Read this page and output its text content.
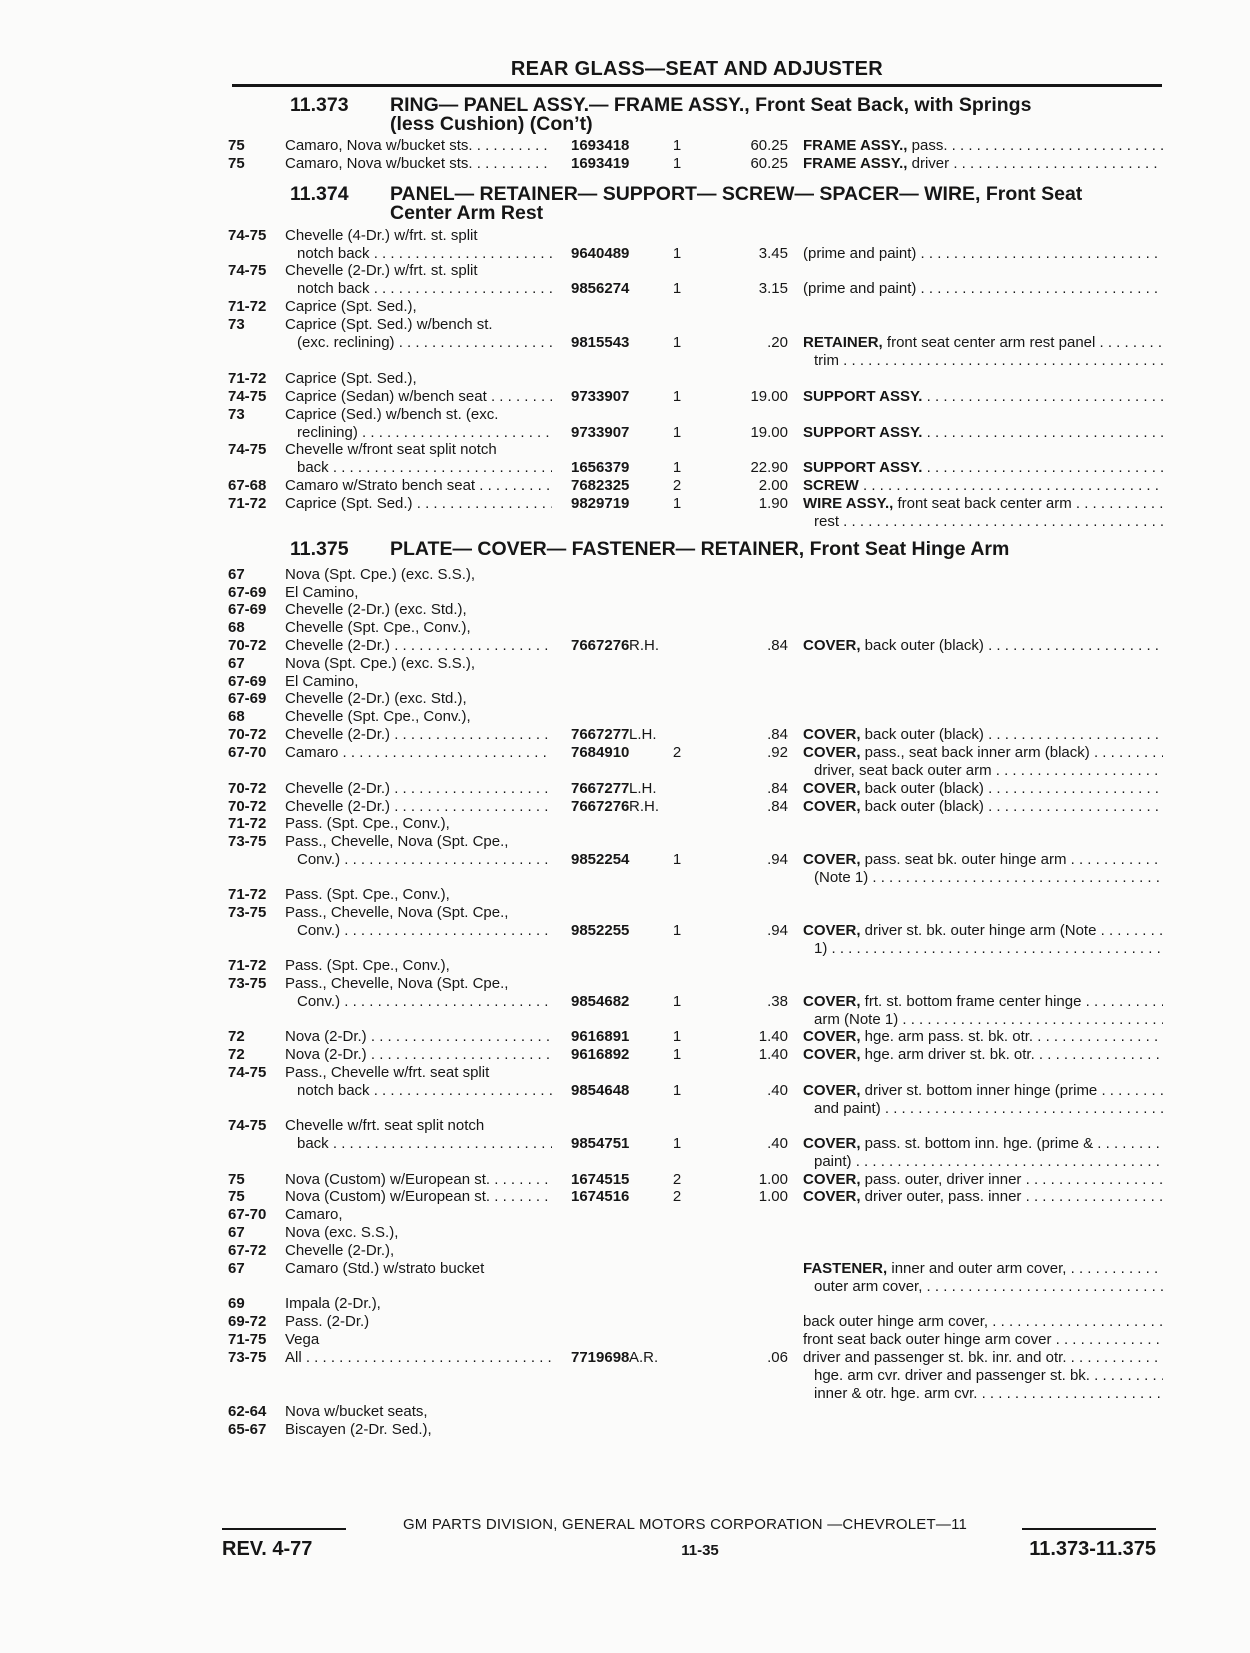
REAR GLASS—SEAT AND ADJUSTER
11.373 RING— PANEL ASSY.— FRAME ASSY., Front Seat Back, with Springs
(less Cushion) (Con’t)
11.374 PANEL— RETAINER— SUPPORT— SCREW— SPACER— WIRE, Front Seat
Center Arm Rest
11.375 PLATE— COVER— FASTENER— RETAINER, Front Seat Hinge Arm
75	Camaro, Nova w/bucket sts. . . .	1693418	1	60.25 FRAME ASSY., pass. . . .
75	Camaro, Nova w/bucket sts. . . .	1693419	1	60.25 FRAME ASSY., driver . . .
74-75 Chevelle (4-Dr.) w/frt. st. split
notch back . . .	9640489	1	3.45 (prime and paint) . . .
74-75 Chevelle (2-Dr.) w/frt. st. split
notch back . . .	9856274	1	3.15 (prime and paint) . . .
71-72 Caprice (Spt. Sed.),
73	Caprice (Spt. Sed.) w/bench st.
(exc. reclining) . . .	9815543	1	.20 RETAINER, front seat center arm rest panel . . .
trim . . .
71-72 Caprice (Spt. Sed.),
74-75 Caprice (Sedan) w/bench seat . . .	9733907	1	19.00 SUPPORT ASSY. . . .
73	Caprice (Sed.) w/bench st. (exc.
reclining) . . .	9733907	1	19.00 SUPPORT ASSY. . . .
74-75 Chevelle w/front seat split notch
back . . .	1656379	1	22.90 SUPPORT ASSY. . . .
67-68 Camaro w/Strato bench seat . . .	7682325	2	2.00 SCREW . . .
71-72 Caprice (Spt. Sed.) . . .	9829719	1	1.90 WIRE ASSY., front seat back center arm . . .
rest . . .
67	Nova (Spt. Cpe.) (exc. S.S.),
67-69 El Camino,
67-69 Chevelle (2-Dr.) (exc. Std.),
68	Chevelle (Spt. Cpe., Conv.),
70-72 Chevelle (2-Dr.) . . .	7667276 R.H.	.84 COVER, back outer (black) . . .
67	Nova (Spt. Cpe.) (exc. S.S.),
67-69 El Camino,
67-69 Chevelle (2-Dr.) (exc. Std.),
68	Chevelle (Spt. Cpe., Conv.),
70-72 Chevelle (2-Dr.) . . .	7667277 L.H.	.84 COVER, back outer (black) . . .
67-70 Camaro . . .	7684910	2	.92 COVER, pass., seat back inner arm (black) . . .
driver, seat back outer arm . . .
70-72 Chevelle (2-Dr.) . . .	7667277 L.H.	.84 COVER, back outer (black) . . .
70-72 Chevelle (2-Dr.) . . .	7667276 R.H.	.84 COVER, back outer (black) . . .
71-72 Pass. (Spt. Cpe., Conv.),
73-75 Pass., Chevelle, Nova (Spt. Cpe.,
Conv.) . . .	9852254	1	.94 COVER, pass. seat bk. outer hinge arm . . .
(Note 1) . . .
71-72 Pass. (Spt. Cpe., Conv.),
73-75 Pass., Chevelle, Nova (Spt. Cpe.,
Conv.) . . .	9852255	1	.94 COVER, driver st. bk. outer hinge arm (Note . . .
1) . . .
71-72 Pass. (Spt. Cpe., Conv.),
73-75 Pass., Chevelle, Nova (Spt. Cpe.,
Conv.) . . .	9854682	1	.38 COVER, frt. st. bottom frame center hinge . . .
arm (Note 1) . . .
72	Nova (2-Dr.) . . .	9616891	1	1.40 COVER, hge. arm pass. st. bk. otr. . . .
72	Nova (2-Dr.) . . .	9616892	1	1.40 COVER, hge. arm driver st. bk. otr. . . .
74-75 Pass., Chevelle w/frt. seat split
notch back . . .	9854648	1	.40 COVER, driver st. bottom inner hinge (prime . . .
and paint) . . .
74-75 Chevelle w/frt. seat split notch
back . . .	9854751	1	.40 COVER, pass. st. bottom inn. hge. (prime & . . .
paint) . . .
75	Nova (Custom) w/European st. . . .	1674515	2	1.00 COVER, pass. outer, driver inner . . .
75	Nova (Custom) w/European st. . . .	1674516	2	1.00 COVER, driver outer, pass. inner . . .
67-70 Camaro,
67	Nova (exc. S.S.),
67-72 Chevelle (2-Dr.),
67	Camaro (Std.) w/strato bucket	FASTENER, inner and outer arm cover, . . .
outer arm cover, . . .
69	Impala (2-Dr.),
69-72 Pass. (2-Dr.)	back outer hinge arm cover, . . .
71-75 Vega	front seat back outer hinge arm cover . . .
73-75 All . . .	7719698 A.R.	.06 driver and passenger st. bk. inr. and otr. . . .
hge. arm cvr. driver and passenger st. bk. . . .
inner & otr. hge. arm cvr. . . .
62-64 Nova w/bucket seats,
65-67 Biscayen (2-Dr. Sed.),
GM PARTS DIVISION, GENERAL MOTORS CORPORATION —CHEVROLET—11
REV. 4-77	11-35	11.373-11.375
